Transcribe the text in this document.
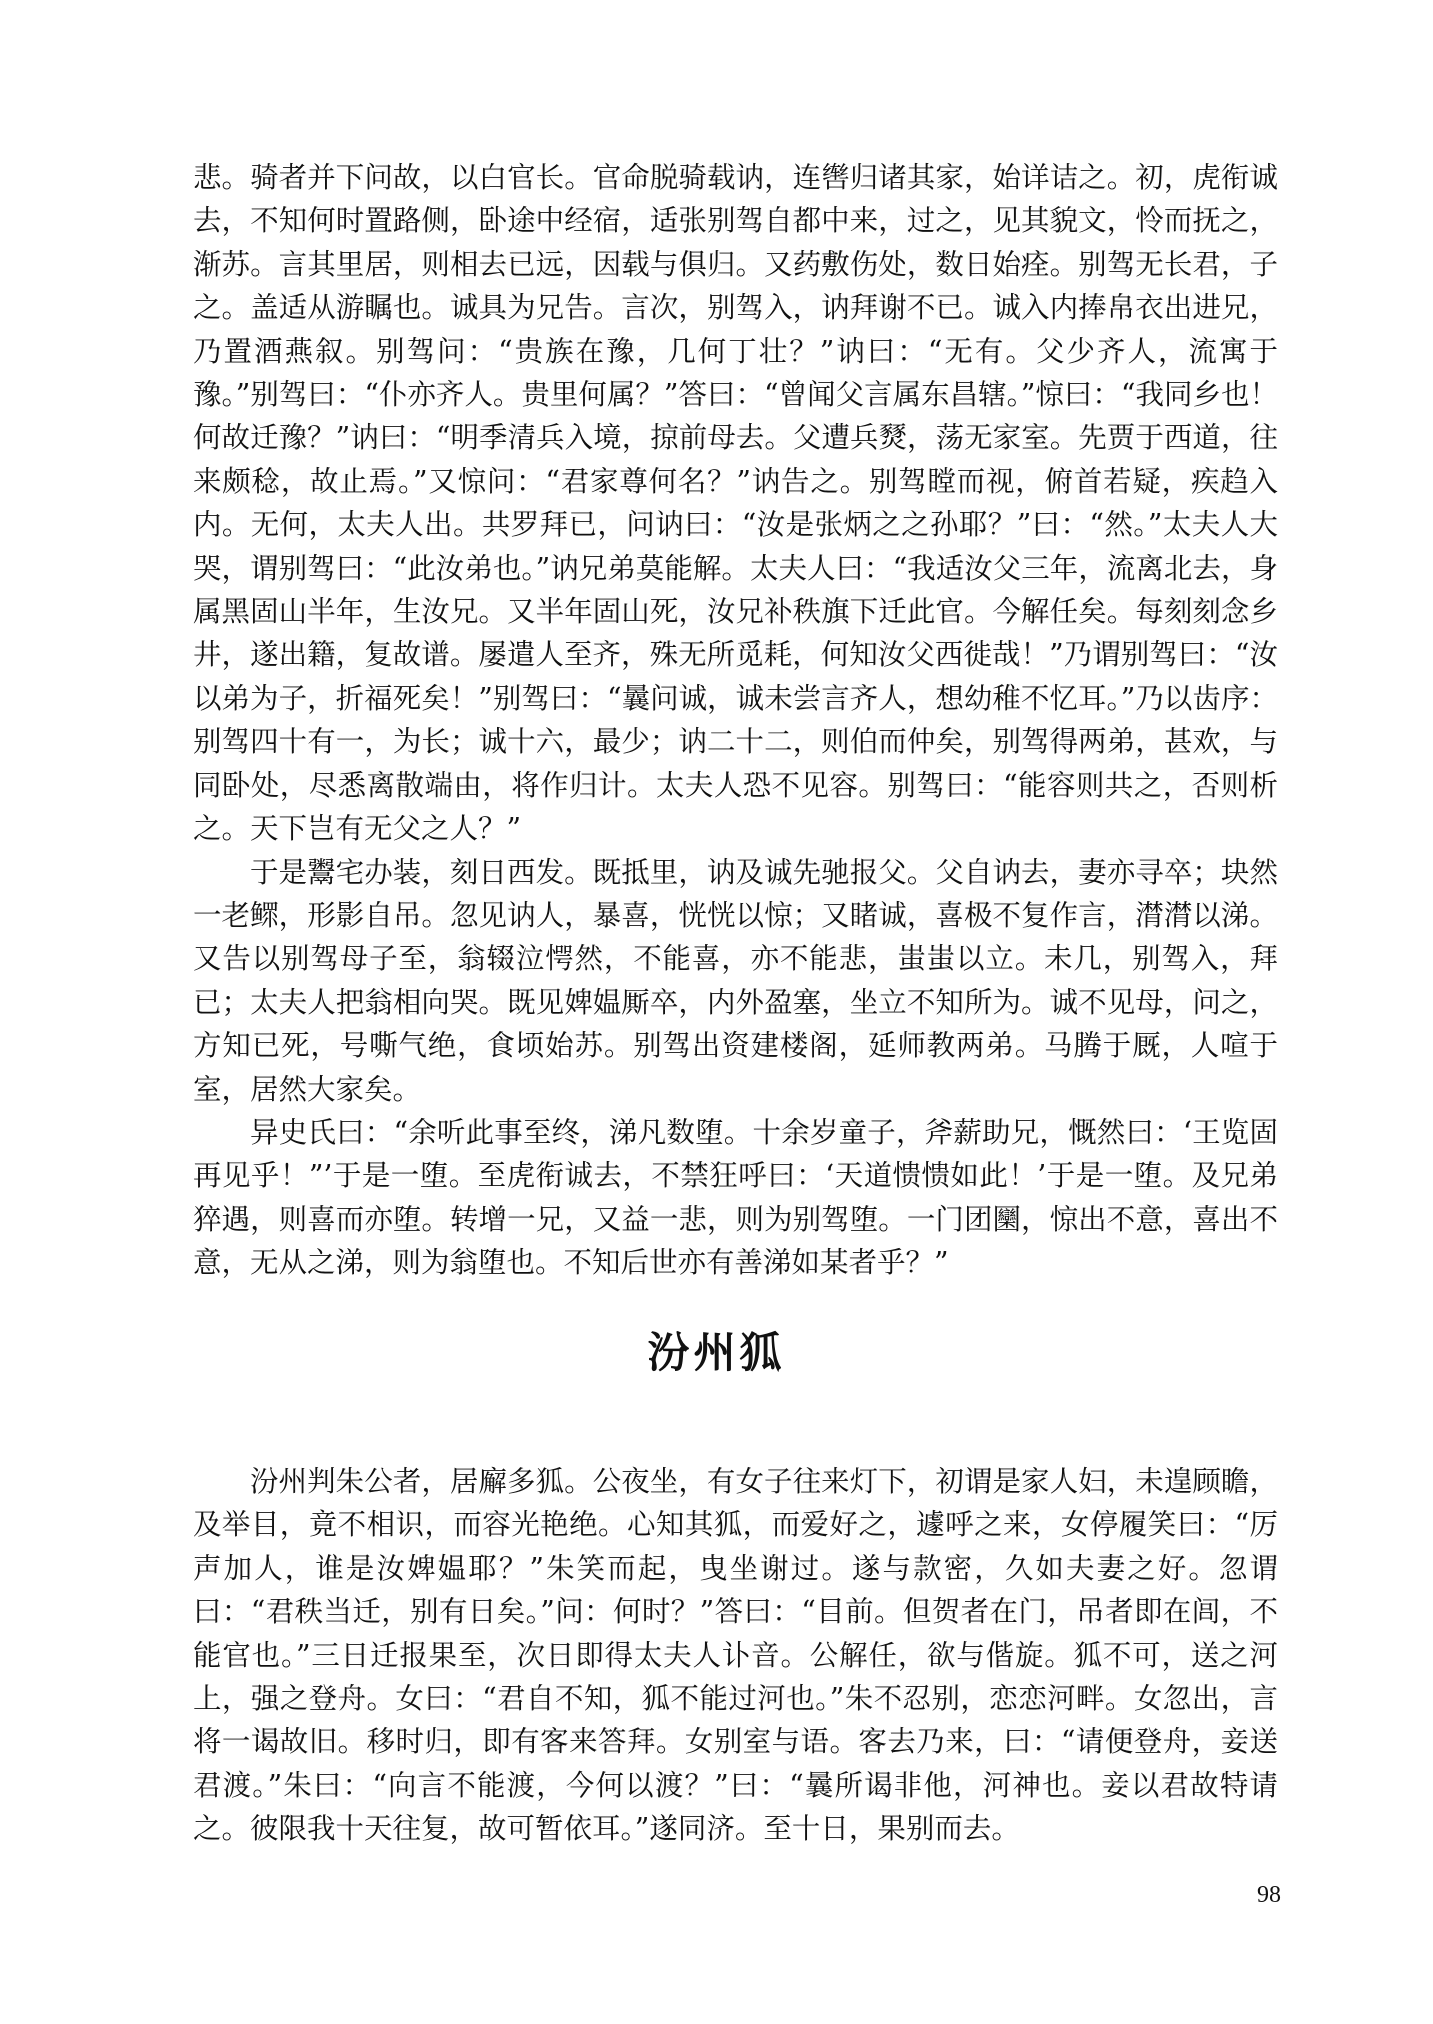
悲。骑者并下问故，以白官长。官命脱骑载讷，连辔归诸其家，始详诘之。初，虎衔诚去，不知何时置路侧，卧途中经宿，适张别驾自都中来，过之，见其貌文，怜而抚之，渐苏。言其里居，则相去已远，因载与俱归。又药敷伤处，数日始痊。别驾无长君，子之。盖适从游瞩也。诚具为兄告。言次，别驾入，讷拜谢不已。诚入内捧帛衣出进兄，乃置酒燕叙。别驾问：“贵族在豫，几何丁壮？”讷曰：“无有。父少齐人，流寓于豫。”别驾曰：“仆亦齐人。贵里何属？”答曰：“曾闻父言属东昌辖。”惊曰：“我同乡也！何故迁豫？”讷曰：“明季清兵入境，掠前母去。父遭兵燹，荡无家室。先贾于西道，往来颇稔，故止焉。”又惊问：“君家尊何名？”讷告之。别驾瞠而视，俯首若疑，疾趋入内。无何，太夫人出。共罗拜已，问讷曰：“汝是张炳之之孙耶？”曰：“然。”太夫人大哭，谓别驾曰：“此汝弟也。”讷兄弟莫能解。太夫人曰：“我适汝父三年，流离北去，身属黑固山半年，生汝兄。又半年固山死，汝兄补秩旗下迁此官。今解任矣。每刻刻念乡井，遂出籍，复故谱。屡遣人至齐，殊无所觅耗，何知汝父西徙哉！”乃谓别驾曰：“汝以弟为子，折福死矣！”别驾曰：“曩问诚，诚未尝言齐人，想幼稚不忆耳。”乃以齿序：别驾四十有一，为长；诚十六，最少；讷二十二，则伯而仲矣，别驾得两弟，甚欢，与同卧处，尽悉离散端由，将作归计。太夫人恐不见容。别驾曰：“能容则共之，否则析之。天下岂有无父之人？”

于是鬻宅办装，刻日西发。既抵里，讷及诚先驰报父。父自讷去，妻亦寻卒；块然一老鳏，形影自吊。忽见讷人，暴喜，恍恍以惊；又睹诚，喜极不复作言，潸潸以涕。又告以别驾母子至，翁辍泣愕然，不能喜，亦不能悲，蚩蚩以立。未几，别驾入，拜已；太夫人把翁相向哭。既见婢媪厮卒，内外盈塞，坐立不知所为。诚不见母，问之，方知已死，号嘶气绝，食顷始苏。别驾出资建楼阁，延师教两弟。马腾于厩，人喧于室，居然大家矣。

异史氏曰：“余听此事至终，涕凡数堕。十余岁童子，斧薪助兄，慨然曰：‘王览固再见乎！”’于是一堕。至虎衔诚去，不禁狂呼曰：‘天道愦愦如此！’于是一堕。及兄弟猝遇，则喜而亦堕。转增一兄，又益一悲，则为别驾堕。一门团圞，惊出不意，喜出不意，无从之涕，则为翁堕也。不知后世亦有善涕如某者乎？”

汾州狐

汾州判朱公者，居廨多狐。公夜坐，有女子往来灯下，初谓是家人妇，未遑顾瞻，及举目，竟不相识，而容光艳绝。心知其狐，而爱好之，遽呼之来，女停履笑曰：“厉声加人，谁是汝婢媪耶？”朱笑而起，曳坐谢过。遂与款密，久如夫妻之好。忽谓曰：“君秩当迁，别有日矣。”问：何时？”答曰：“目前。但贺者在门，吊者即在闾，不能官也。”三日迁报果至，次日即得太夫人讣音。公解任，欲与偕旋。狐不可，送之河上，强之登舟。女曰：“君自不知，狐不能过河也。”朱不忍别，恋恋河畔。女忽出，言将一谒故旧。移时归，即有客来答拜。女别室与语。客去乃来，曰：“请便登舟，妾送君渡。”朱曰：“向言不能渡，今何以渡？”曰：“曩所谒非他，河神也。妾以君故特请之。彼限我十天往复，故可暂依耳。”遂同济。至十日，果别而去。

98
